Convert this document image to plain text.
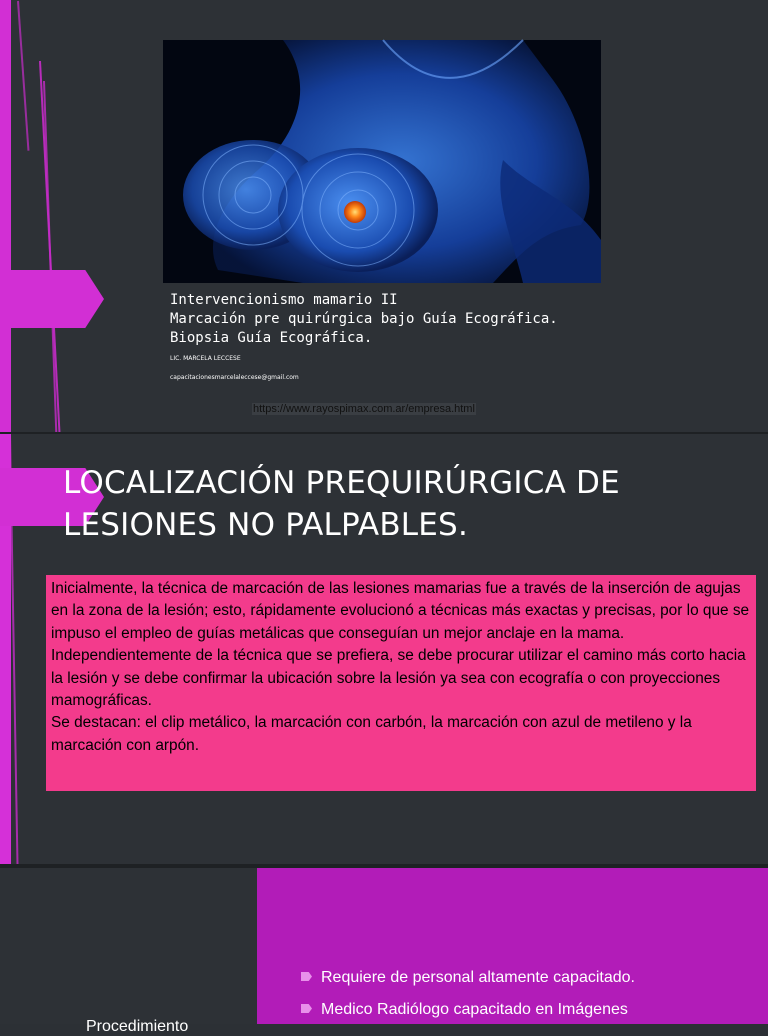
Intervencionismo mamario II
Marcación pre quirúrgica bajo Guía Ecográfica.
Biopsia Guía Ecográfica.
LIC. MARCELA LECCESE
capacitacionesmarcelaleccese@gmail.com
https://www.rayospimax.com.ar/empresa.html
LOCALIZACIÓN PREQUIRÚRGICA DE LESIONES NO PALPABLES.

Inicialmente, la técnica de marcación de las lesiones mamarias fue a través de la inserción de agujas en la zona de la lesión; esto, rápidamente evolucionó a técnicas más exactas y precisas, por lo que se impuso el empleo de guías metálicas que conseguían un mejor anclaje en la mama.

Independientemente de la técnica que se prefiera, se debe procurar utilizar el camino más corto hacia la lesión y se debe confirmar la ubicación sobre la lesión ya sea con ecografía o con proyecciones mamográficas.

Se destacan: el clip metálico, la marcación con carbón, la marcación con azul de metileno y la marcación con arpón.

Requiere de personal altamente capacitado.
Medico Radiólogo capacitado en Imágenes
Procedimiento
